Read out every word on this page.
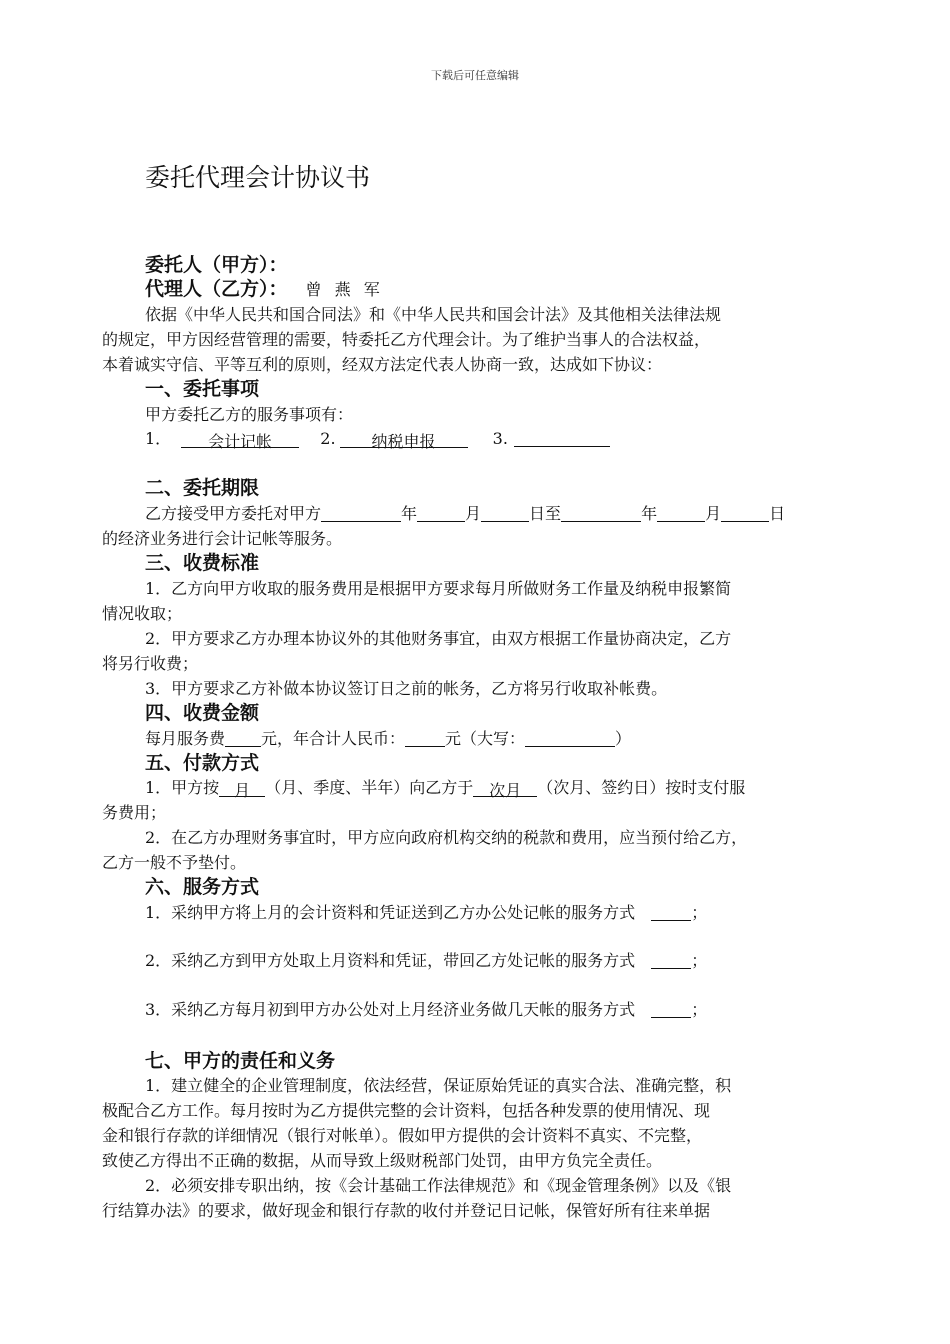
下载后可任意编辑
委托代理会计协议书
委托人（甲方）：
代理人（乙方）： 曾 燕 军
依据《中华人民共和国合同法》和《中华人民共和国会计法》及其他相关法律法规
的规定，甲方因经营管理的需要，特委托乙方代理会计。为了维护当事人的合法权益，
本着诚实守信、平等互利的原则，经双方法定代表人协商一致，达成如下协议：
一、委托事项
甲方委托乙方的服务事项有：
1． 会计记帐	2. 纳税申报	3.
二、委托期限
乙方接受甲方委托对甲方	年	月	日至	年	月	日
的经济业务进行会计记帐等服务。
三、收费标准
1．乙方向甲方收取的服务费用是根据甲方要求每月所做财务工作量及纳税申报繁简
情况收取；
2．甲方要求乙方办理本协议外的其他财务事宜，由双方根据工作量协商决定，乙方
将另行收费；
3．甲方要求乙方补做本协议签订日之前的帐务，乙方将另行收取补帐费。
四、收费金额
每月服务费 元，年合计人民币：	元（大写：	）
五、付款方式
1．甲方按 月 （月、季度、半年）向乙方于 次月 （次月、签约日）按时支付服
务费用；
2．在乙方办理财务事宜时，甲方应向政府机构交纳的税款和费用，应当预付给乙方，
乙方一般不予垫付。
六、服务方式
1．采纳甲方将上月的会计资料和凭证送到乙方办公处记帐的服务方式	；
2．采纳乙方到甲方处取上月资料和凭证，带回乙方处记帐的服务方式	；
3．采纳乙方每月初到甲方办公处对上月经济业务做几天帐的服务方式	；
七、甲方的责任和义务
1．建立健全的企业管理制度，依法经营，保证原始凭证的真实合法、准确完整，积
极配合乙方工作。每月按时为乙方提供完整的会计资料，包括各种发票的使用情况、现
金和银行存款的详细情况（银行对帐单）。假如甲方提供的会计资料不真实、不完整，
致使乙方得出不正确的数据，从而导致上级财税部门处罚，由甲方负完全责任。
2．必须安排专职出纳，按《会计基础工作法律规范》和《现金管理条例》以及《银
行结算办法》的要求，做好现金和银行存款的收付并登记日记帐，保管好所有往来单据
